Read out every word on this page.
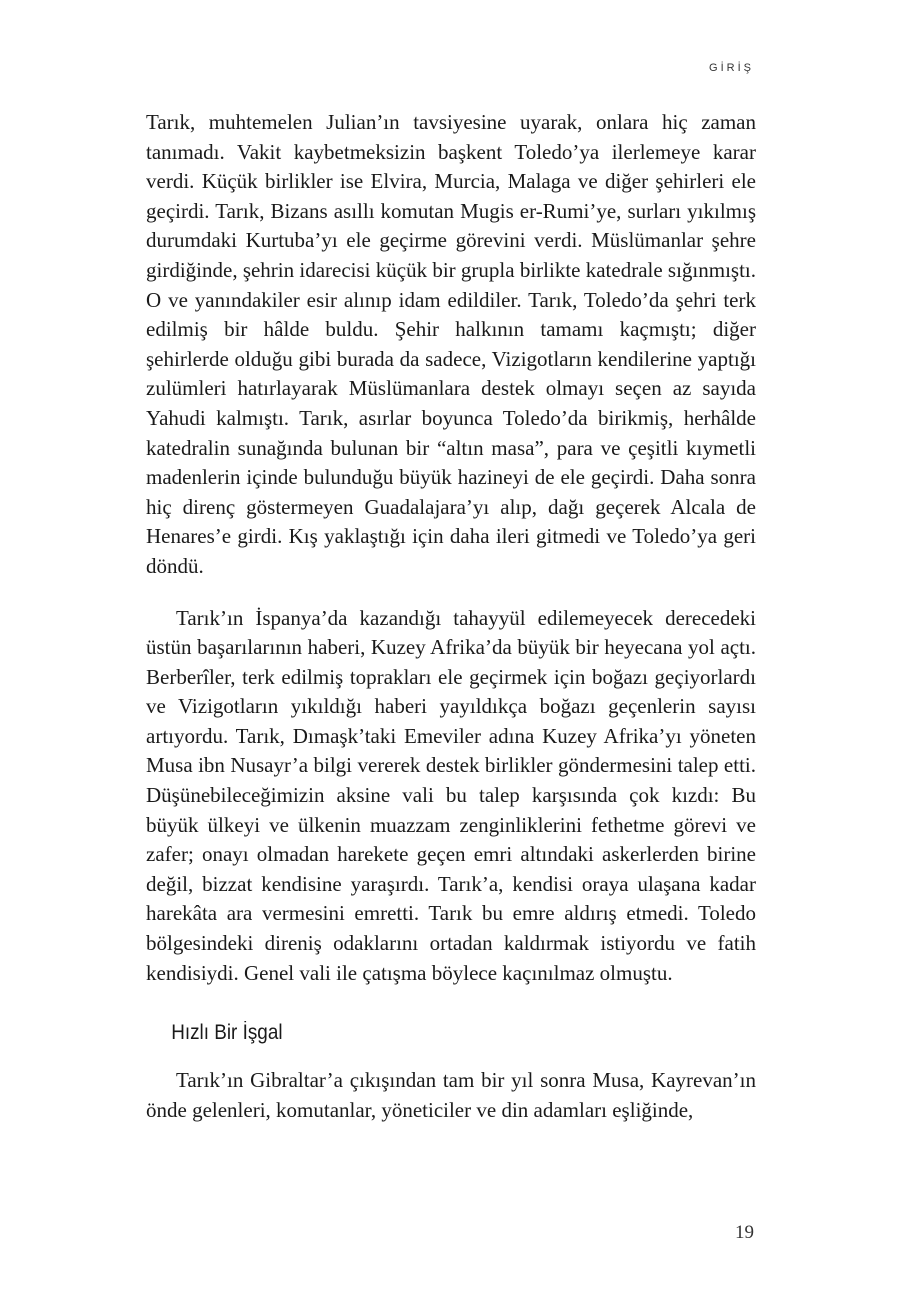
GİRİŞ

Tarık, muhtemelen Julian’ın tavsiyesine uyarak, onlara hiç zaman tanımadı. Vakit kaybetmeksizin başkent Toledo’ya ilerlemeye karar verdi. Küçük birlikler ise Elvira, Murcia, Malaga ve diğer şehirleri ele geçirdi. Tarık, Bizans asıllı komutan Mugis er-Rumi’ye, surları yıkılmış durumdaki Kurtuba’yı ele geçirme görevini verdi. Müslümanlar şehre girdiğinde, şehrin idarecisi küçük bir grupla birlikte katedrale sığınmıştı. O ve yanındakiler esir alınıp idam edildiler. Tarık, Toledo’da şehri terk edilmiş bir hâlde buldu. Şehir halkının tamamı kaçmıştı; diğer şehirlerde olduğu gibi burada da sadece, Vizigotların kendilerine yaptığı zulümleri hatırlayarak Müslümanlara destek olmayı seçen az sayıda Yahudi kalmıştı. Tarık, asırlar boyunca Toledo’da birikmiş, herhâlde katedralin sunağında bulunan bir “altın masa”, para ve çeşitli kıymetli madenlerin içinde bulunduğu büyük hazineyi de ele geçirdi. Daha sonra hiç direnç göstermeyen Guadalajara’yı alıp, dağı geçerek Alcala de Henares’e girdi. Kış yaklaştığı için daha ileri gitmedi ve Toledo’ya geri döndü.

Tarık’ın İspanya’da kazandığı tahayyül edilemeyecek derecedeki üstün başarılarının haberi, Kuzey Afrika’da büyük bir heyecana yol açtı. Berberîler, terk edilmiş toprakları ele geçirmek için boğazı geçiyorlardı ve Vizigotların yıkıldığı haberi yayıldıkça boğazı geçenlerin sayısı artıyordu. Tarık, Dımaşk’taki Emeviler adına Kuzey Afrika’yı yöneten Musa ibn Nusayr’a bilgi vererek destek birlikler göndermesini talep etti. Düşünebileceğimizin aksine vali bu talep karşısında çok kızdı: Bu büyük ülkeyi ve ülkenin muazzam zenginliklerini fethetme görevi ve zafer; onayı olmadan harekete geçen emri altındaki askerlerden birine değil, bizzat kendisine yaraşırdı. Tarık’a, kendisi oraya ulaşana kadar harekâta ara vermesini emretti. Tarık bu emre aldırış etmedi. Toledo bölgesindeki direniş odaklarını ortadan kaldırmak istiyordu ve fatih kendisiydi. Genel vali ile çatışma böylece kaçınılmaz olmuştu.

Hızlı Bir İşgal

Tarık’ın Gibraltar’a çıkışından tam bir yıl sonra Musa, Kayrevan’ın önde gelenleri, komutanlar, yöneticiler ve din adamları eşliğinde,

19
